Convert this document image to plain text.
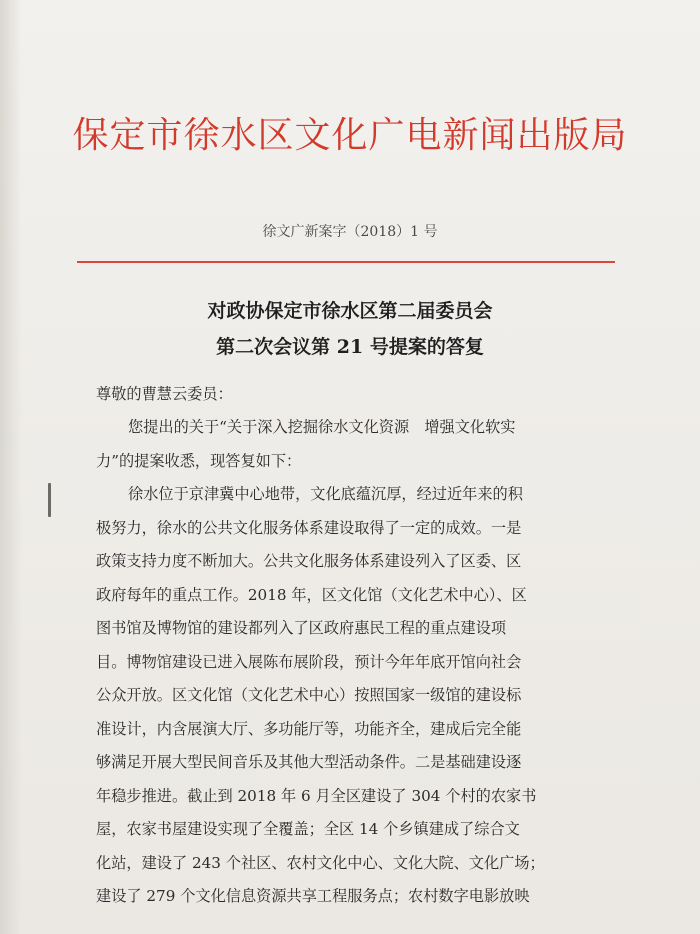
保定市徐水区文化广电新闻出版局
徐文广新案字（2018）1 号
对政协保定市徐水区第二届委员会
第二次会议第 21 号提案的答复
尊敬的曹慧云委员：
您提出的关于“关于深入挖掘徐水文化资源　增强文化软实
力”的提案收悉，现答复如下：
徐水位于京津冀中心地带，文化底蕴沉厚，经过近年来的积
极努力，徐水的公共文化服务体系建设取得了一定的成效。一是
政策支持力度不断加大。公共文化服务体系建设列入了区委、区
政府每年的重点工作。2018 年，区文化馆（文化艺术中心）、区
图书馆及博物馆的建设都列入了区政府惠民工程的重点建设项
目。博物馆建设已进入展陈布展阶段，预计今年年底开馆向社会
公众开放。区文化馆（文化艺术中心）按照国家一级馆的建设标
准设计，内含展演大厅、多功能厅等，功能齐全，建成后完全能
够满足开展大型民间音乐及其他大型活动条件。二是基础建设逐
年稳步推进。截止到 2018 年 6 月全区建设了 304 个村的农家书
屋，农家书屋建设实现了全覆盖；全区 14 个乡镇建成了综合文
化站，建设了 243 个社区、农村文化中心、文化大院、文化广场；
建设了 279 个文化信息资源共享工程服务点；农村数字电影放映
